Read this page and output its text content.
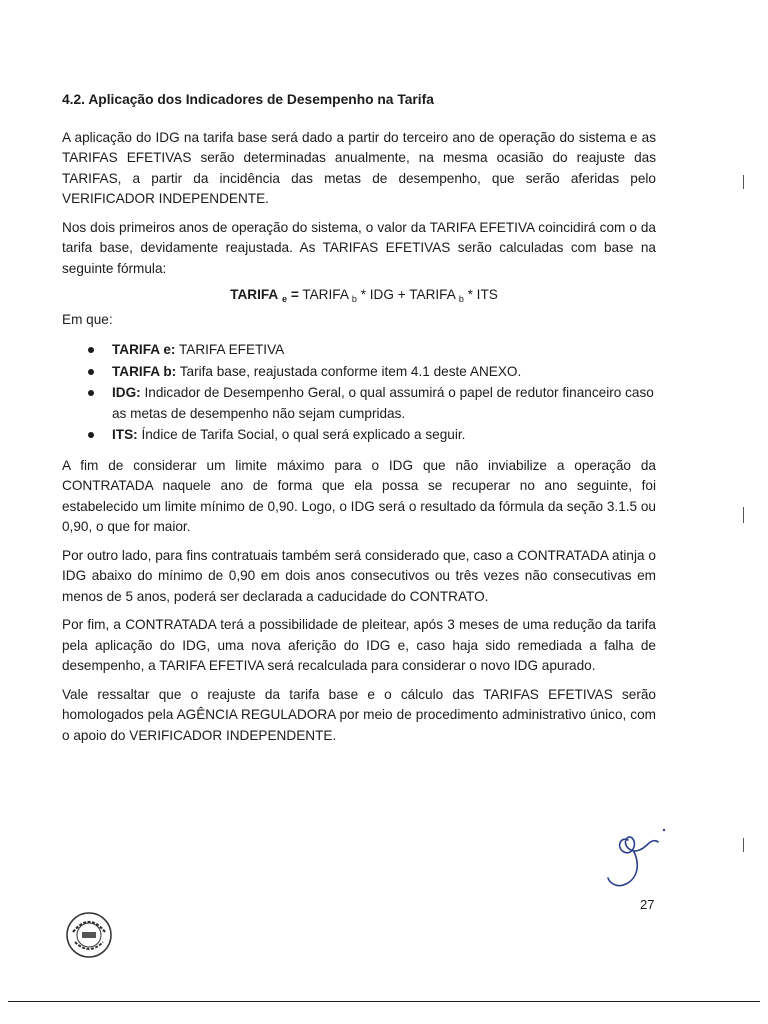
4.2. Aplicação dos Indicadores de Desempenho na Tarifa

A aplicação do IDG na tarifa base será dado a partir do terceiro ano de operação do sistema e as TARIFAS EFETIVAS serão determinadas anualmente, na mesma ocasião do reajuste das TARIFAS, a partir da incidência das metas de desempenho, que serão aferidas pelo VERIFICADOR INDEPENDENTE.

Nos dois primeiros anos de operação do sistema, o valor da TARIFA EFETIVA coincidirá com o da tarifa base, devidamente reajustada. As TARIFAS EFETIVAS serão calculadas com base na seguinte fórmula:

TARIFA $_e$ = TARIFA $_b$ * IDG + TARIFA $_b$ * ITS

Em que:

TARIFA e: TARIFA EFETIVA
TARIFA b: Tarifa base, reajustada conforme item 4.1 deste ANEXO.
IDG: Indicador de Desempenho Geral, o qual assumirá o papel de redutor financeiro caso as metas de desempenho não sejam cumpridas.
ITS: Índice de Tarifa Social, o qual será explicado a seguir.

A fim de considerar um limite máximo para o IDG que não inviabilize a operação da CONTRATADA naquele ano de forma que ela possa se recuperar no ano seguinte, foi estabelecido um limite mínimo de 0,90. Logo, o IDG será o resultado da fórmula da seção 3.1.5 ou 0,90, o que for maior.

Por outro lado, para fins contratuais também será considerado que, caso a CONTRATADA atinja o IDG abaixo do mínimo de 0,90 em dois anos consecutivos ou três vezes não consecutivas em menos de 5 anos, poderá ser declarada a caducidade do CONTRATO.

Por fim, a CONTRATADA terá a possibilidade de pleitear, após 3 meses de uma redução da tarifa pela aplicação do IDG, uma nova aferição do IDG e, caso haja sido remediada a falha de desempenho, a TARIFA EFETIVA será recalculada para considerar o novo IDG apurado.

Vale ressaltar que o reajuste da tarifa base e o cálculo das TARIFAS EFETIVAS serão homologados pela AGÊNCIA REGULADORA por meio de procedimento administrativo único, com o apoio do VERIFICADOR INDEPENDENTE.

27
